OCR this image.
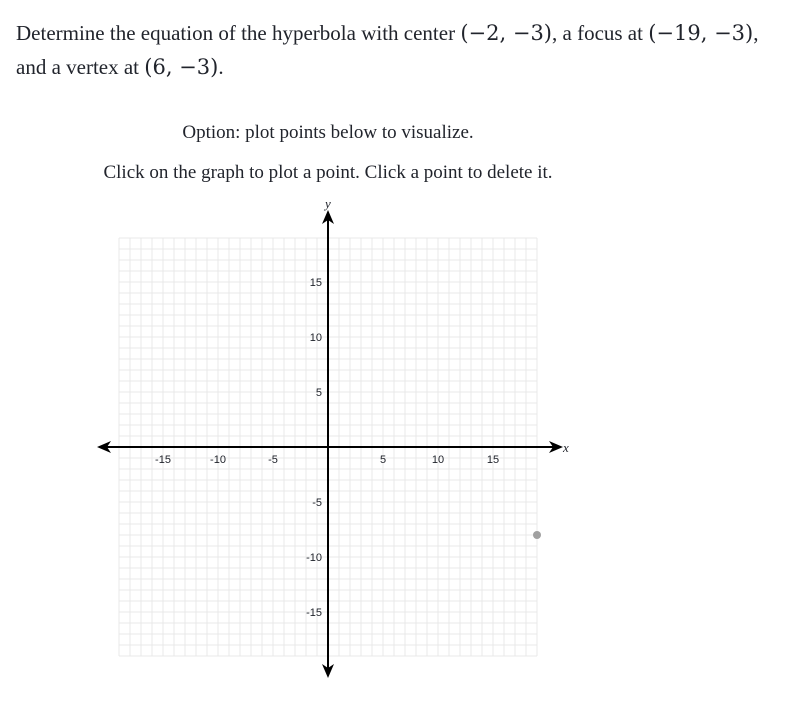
Determine the equation of the hyperbola with center (−2, −3), a focus at (−19, −3), and a vertex at (6, −3).
Option: plot points below to visualize.
Click on the graph to plot a point. Click a point to delete it.
-15	-10	-5	5	10	15
15
10
5
-5
-10
-15
x
y
